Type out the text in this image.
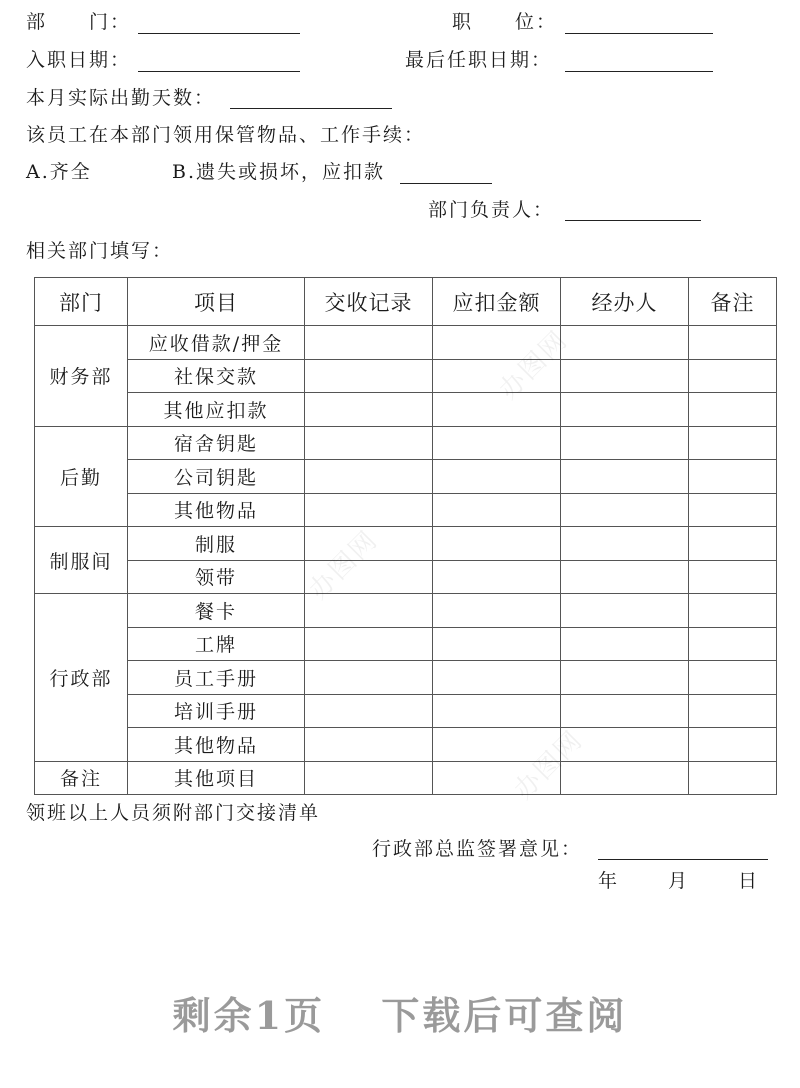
部　　门：	职　　位：
入职日期：	最后任职日期：
本月实际出勤天数：
该员工在本部门领用保管物品、工作手续：
A.齐全	B.遗失或损坏，应扣款
部门负责人：
相关部门填写：
部门	项目	交收记录	应扣金额	经办人	备注
财务部	应收借款/押金				
	社保交款				
	其他应扣款				
后勤	宿舍钥匙				
	公司钥匙				
	其他物品				
制服间	制服				
	领带				
行政部	餐卡				
	工牌				
	员工手册				
	培训手册				
	其他物品				
备注	其他项目				
领班以上人员须附部门交接清单
行政部总监签署意见：
年	月	日
办图网
办图网
办图网
剩余1页 下载后可查阅
